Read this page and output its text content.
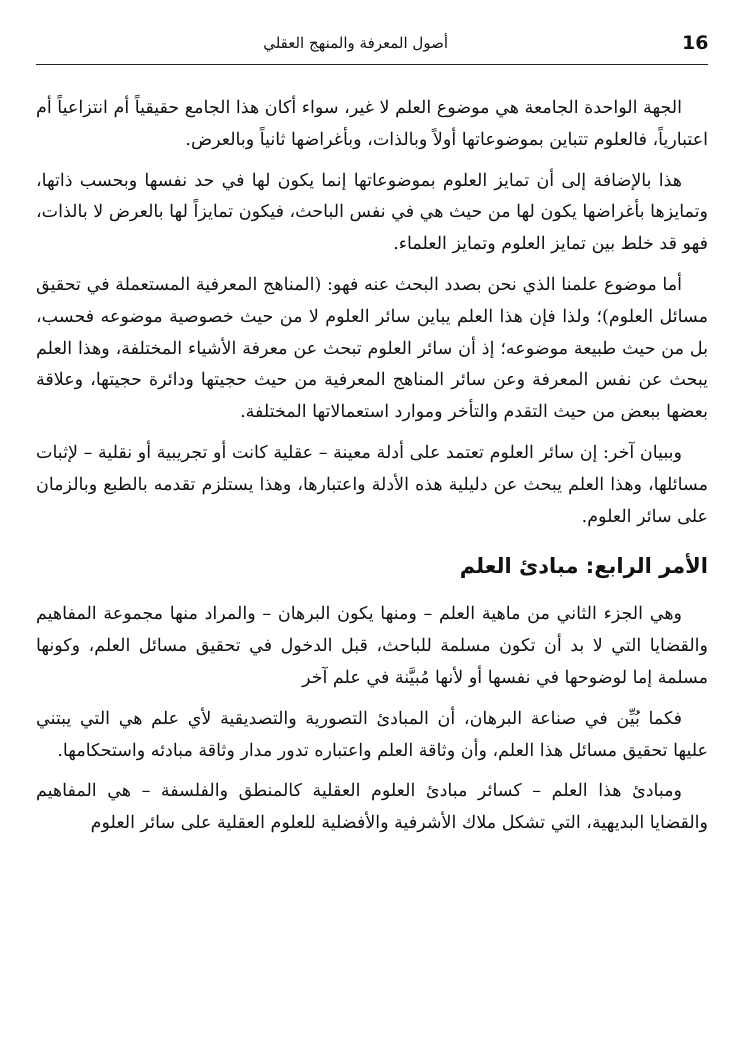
16
أصول المعرفة والمنهج العقلي

الجهة الواحدة الجامعة هي موضوع العلم لا غير، سواء أكان هذا الجامع حقيقياً أم انتزاعياً أم اعتبارياً، فالعلوم تتباين بموضوعاتها أولاً وبالذات، وبأغراضها ثانياً وبالعرض.

هذا بالإضافة إلى أن تمايز العلوم بموضوعاتها إنما يكون لها في حد نفسها وبحسب ذاتها، وتمايزها بأغراضها يكون لها من حيث هي في نفس الباحث، فيكون تمايزاً لها بالعرض لا بالذات، فهو قد خلط بين تمايز العلوم وتمايز العلماء.

أما موضوع علمنا الذي نحن بصدد البحث عنه فهو: (المناهج المعرفية المستعملة في تحقيق مسائل العلوم)؛ ولذا فإن هذا العلم يباين سائر العلوم لا من حيث خصوصية موضوعه فحسب، بل من حيث طبيعة موضوعه؛ إذ أن سائر العلوم تبحث عن معرفة الأشياء المختلفة، وهذا العلم يبحث عن نفس المعرفة وعن سائر المناهج المعرفية من حيث حجيتها ودائرة حجيتها، وعلاقة بعضها ببعض من حيث التقدم والتأخر وموارد استعمالاتها المختلفة.

وببيان آخر: إن سائر العلوم تعتمد على أدلة معينة – عقلية كانت أو تجريبية أو نقلية – لإثبات مسائلها، وهذا العلم يبحث عن دليلية هذه الأدلة واعتبارها، وهذا يستلزم تقدمه بالطبع وبالزمان على سائر العلوم.

الأمر الرابع: مبادئ العلم

وهي الجزء الثاني من ماهية العلم – ومنها يكون البرهان – والمراد منها مجموعة المفاهيم والقضايا التي لا بد أن تكون مسلمة للباحث، قبل الدخول في تحقيق مسائل العلم، وكونها مسلمة إما لوضوحها في نفسها أو لأنها مُبيَّنة في علم آخر

فكما بُيِّن في صناعة البرهان، أن المبادئ التصورية والتصديقية لأي علم هي التي يبتني عليها تحقيق مسائل هذا العلم، وأن وثاقة العلم واعتباره تدور مدار وثاقة مبادئه واستحكامها.

ومبادئ هذا العلم – كسائر مبادئ العلوم العقلية كالمنطق والفلسفة – هي المفاهيم والقضايا البديهية، التي تشكل ملاك الأشرفية والأفضلية للعلوم العقلية على سائر العلوم
